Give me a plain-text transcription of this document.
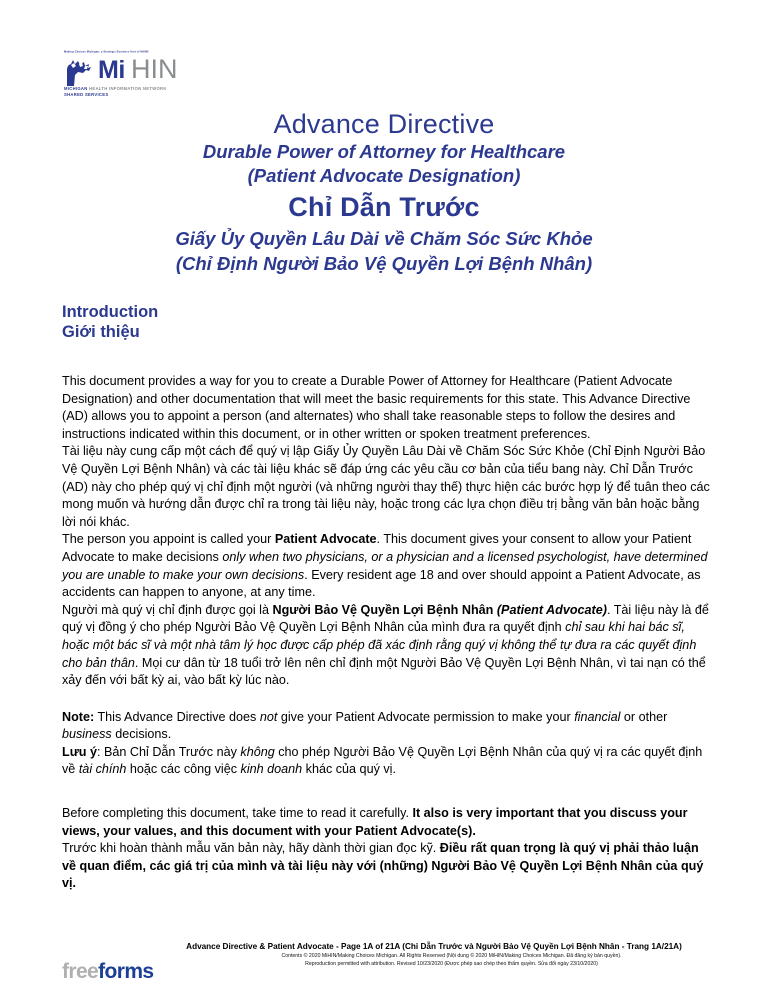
Making Choices Michigan, a Strategic Business Unit of MiHIN
Mi HIN
MICHIGAN HEALTH INFORMATION NETWORK
SHARED SERVICES
Advance Directive
Durable Power of Attorney for Healthcare
(Patient Advocate Designation)
Chỉ Dẫn Trước
Giấy Ủy Quyền Lâu Dài về Chăm Sóc Sức Khỏe
(Chỉ Định Người Bảo Vệ Quyền Lợi Bệnh Nhân)
Introduction
Giới thiệu

This document provides a way for you to create a Durable Power of Attorney for Healthcare (Patient Advocate Designation) and other documentation that will meet the basic requirements for this state. This Advance Directive (AD) allows you to appoint a person (and alternates) who shall take reasonable steps to follow the desires and instructions indicated within this document, or in other written or spoken treatment preferences.

Tài liệu này cung cấp một cách để quý vị lập Giấy Ủy Quyền Lâu Dài về Chăm Sóc Sức Khỏe (Chỉ Định Người Bảo Vệ Quyền Lợi Bệnh Nhân) và các tài liệu khác sẽ đáp ứng các yêu cầu cơ bản của tiểu bang này. Chỉ Dẫn Trước (AD) này cho phép quý vị chỉ định một người (và những người thay thế) thực hiện các bước hợp lý để tuân theo các mong muốn và hướng dẫn được chỉ ra trong tài liệu này, hoặc trong các lựa chọn điều trị bằng văn bản hoặc bằng lời nói khác.

The person you appoint is called your Patient Advocate. This document gives your consent to allow your Patient Advocate to make decisions only when two physicians, or a physician and a licensed psychologist, have determined you are unable to make your own decisions. Every resident age 18 and over should appoint a Patient Advocate, as accidents can happen to anyone, at any time.

Người mà quý vị chỉ định được gọi là Người Bảo Vệ Quyền Lợi Bệnh Nhân (Patient Advocate). Tài liệu này là để quý vị đồng ý cho phép Người Bảo Vệ Quyền Lợi Bệnh Nhân của mình đưa ra quyết định chỉ sau khi hai bác sĩ, hoặc một bác sĩ và một nhà tâm lý học được cấp phép đã xác định rằng quý vị không thể tự đưa ra các quyết định cho bản thân. Mọi cư dân từ 18 tuổi trở lên nên chỉ định một Người Bảo Vệ Quyền Lợi Bệnh Nhân, vì tai nạn có thể xảy đến với bất kỳ ai, vào bất kỳ lúc nào.

Note: This Advance Directive does not give your Patient Advocate permission to make your financial or other business decisions.

Lưu ý: Bản Chỉ Dẫn Trước này không cho phép Người Bảo Vệ Quyền Lợi Bệnh Nhân của quý vị ra các quyết định về tài chính hoặc các công việc kinh doanh khác của quý vị.

Before completing this document, take time to read it carefully. It also is very important that you discuss your views, your values, and this document with your Patient Advocate(s).

Trước khi hoàn thành mẫu văn bản này, hãy dành thời gian đọc kỹ. Điều rất quan trọng là quý vị phải thảo luận về quan điểm, các giá trị của mình và tài liệu này với (những) Người Bảo Vệ Quyền Lợi Bệnh Nhân của quý vị.

Advance Directive & Patient Advocate - Page 1A of 21A (Chỉ Dẫn Trước và Người Bảo Vệ Quyền Lợi Bệnh Nhân - Trang 1A/21A)
Contents © 2020 MiHIN/Making Choices Michigan. All Rights Reserved (Nội dung © 2020 MiHIN/Making Choices Michigan. Đã đăng ký bản quyền).
Reproduction permitted with attribution. Revised 10/23/2020 (Được phép sao chép theo thẩm quyền. Sửa đổi ngày 23/10/2020)
freeforms
